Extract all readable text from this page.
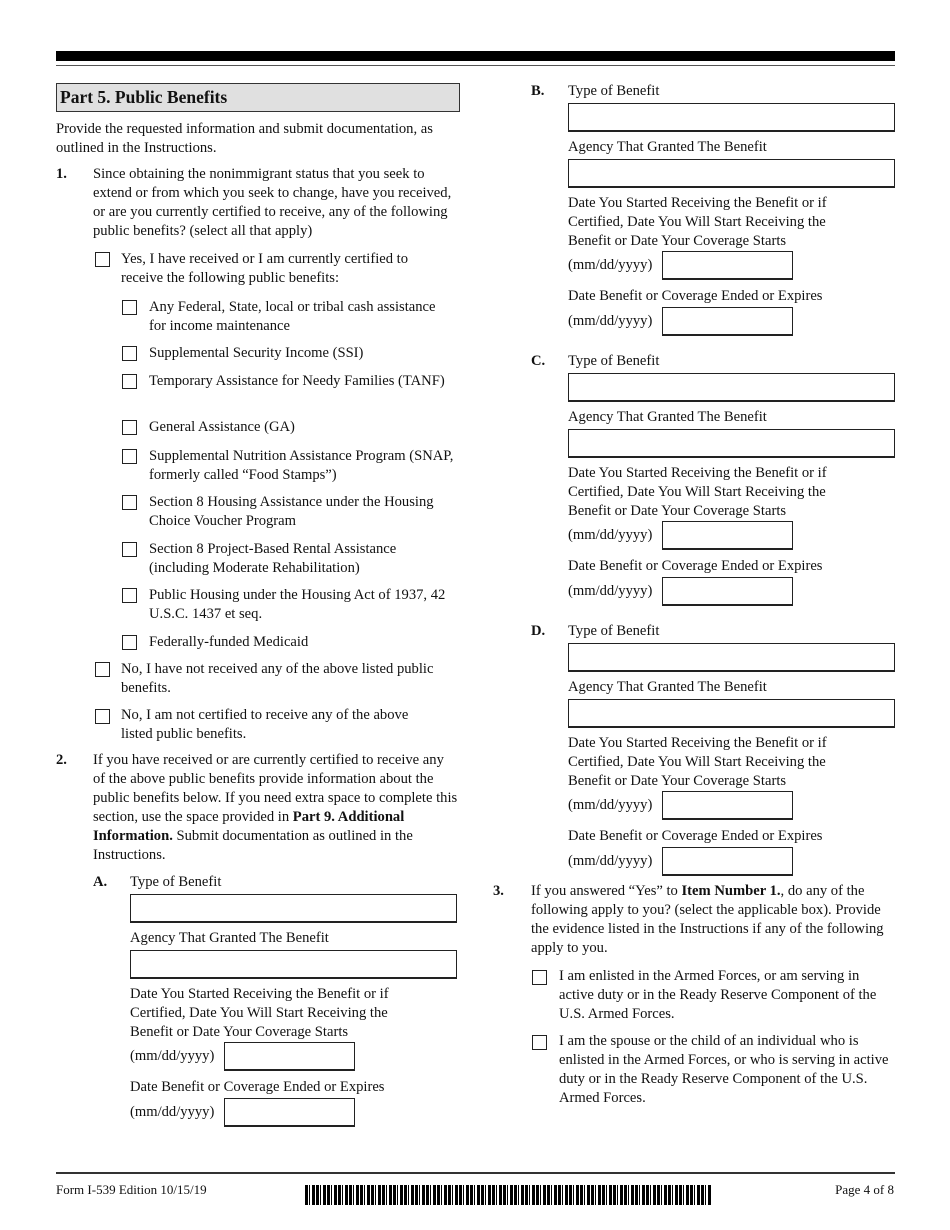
Part 5. Public Benefits
Provide the requested information and submit documentation, as outlined in the Instructions.
1. Since obtaining the nonimmigrant status that you seek to extend or from which you seek to change, have you received, or are you currently certified to receive, any of the following public benefits? (select all that apply)
Yes, I have received or I am currently certified to receive the following public benefits:
Any Federal, State, local or tribal cash assistance for income maintenance
Supplemental Security Income (SSI)
Temporary Assistance for Needy Families (TANF)
General Assistance (GA)
Supplemental Nutrition Assistance Program (SNAP, formerly called “Food Stamps”)
Section 8 Housing Assistance under the Housing Choice Voucher Program
Section 8 Project-Based Rental Assistance (including Moderate Rehabilitation)
Public Housing under the Housing Act of 1937, 42 U.S.C. 1437 et seq.
Federally-funded Medicaid
No, I have not received any of the above listed public benefits.
No, I am not certified to receive any of the above listed public benefits.
2. If you have received or are currently certified to receive any of the above public benefits provide information about the public benefits below. If you need extra space to complete this section, use the space provided in Part 9. Additional Information. Submit documentation as outlined in the Instructions.
A. Type of Benefit
Agency That Granted The Benefit
Date You Started Receiving the Benefit or if Certified, Date You Will Start Receiving the Benefit or Date Your Coverage Starts
(mm/dd/yyyy)
Date Benefit or Coverage Ended or Expires
(mm/dd/yyyy)
B. Type of Benefit
Agency That Granted The Benefit
Date You Started Receiving the Benefit or if Certified, Date You Will Start Receiving the Benefit or Date Your Coverage Starts
(mm/dd/yyyy)
Date Benefit or Coverage Ended or Expires
(mm/dd/yyyy)
C. Type of Benefit
Agency That Granted The Benefit
Date You Started Receiving the Benefit or if Certified, Date You Will Start Receiving the Benefit or Date Your Coverage Starts
(mm/dd/yyyy)
Date Benefit or Coverage Ended or Expires
(mm/dd/yyyy)
D. Type of Benefit
Agency That Granted The Benefit
Date You Started Receiving the Benefit or if Certified, Date You Will Start Receiving the Benefit or Date Your Coverage Starts
(mm/dd/yyyy)
Date Benefit or Coverage Ended or Expires
(mm/dd/yyyy)
3. If you answered “Yes” to Item Number 1., do any of the following apply to you? (select the applicable box). Provide the evidence listed in the Instructions if any of the following apply to you.
I am enlisted in the Armed Forces, or am serving in active duty or in the Ready Reserve Component of the U.S. Armed Forces.
I am the spouse or the child of an individual who is enlisted in the Armed Forces, or who is serving in active duty or in the Ready Reserve Component of the U.S. Armed Forces.
Form I-539 Edition 10/15/19	Page 4 of 8
